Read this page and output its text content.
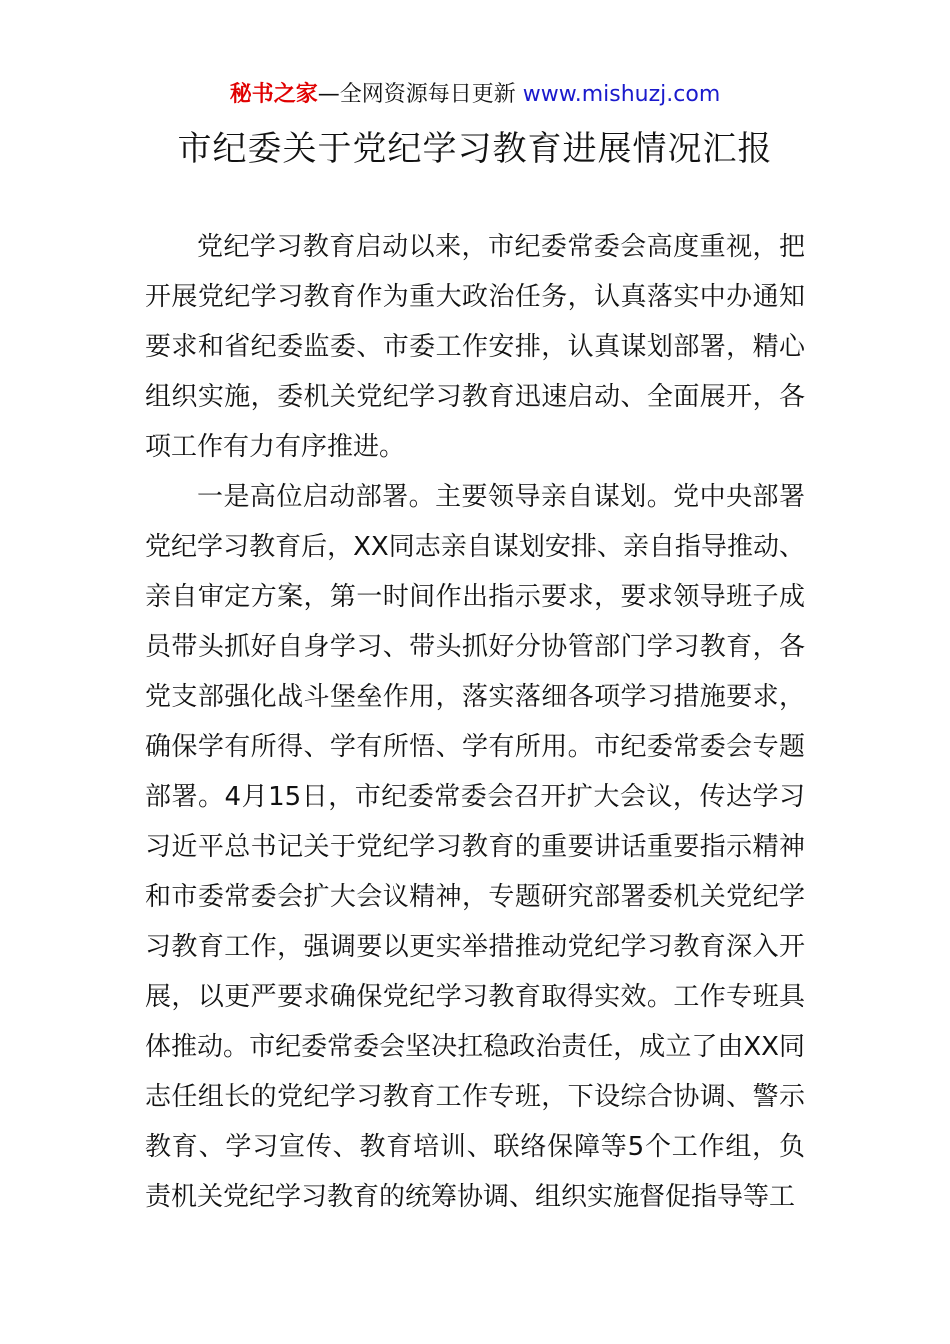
秘书之家—全网资源每日更新 www.mishuzj.com
市纪委关于党纪学习教育进展情况汇报

党纪学习教育启动以来，市纪委常委会高度重视，把开展党纪学习教育作为重大政治任务，认真落实中办通知要求和省纪委监委、市委工作安排，认真谋划部署，精心组织实施，委机关党纪学习教育迅速启动、全面展开，各项工作有力有序推进。

一是高位启动部署。主要领导亲自谋划。党中央部署党纪学习教育后，XX同志亲自谋划安排、亲自指导推动、亲自审定方案，第一时间作出指示要求，要求领导班子成员带头抓好自身学习、带头抓好分协管部门学习教育，各党支部强化战斗堡垒作用，落实落细各项学习措施要求，确保学有所得、学有所悟、学有所用。市纪委常委会专题部署。4月15日，市纪委常委会召开扩大会议，传达学习习近平总书记关于党纪学习教育的重要讲话重要指示精神和市委常委会扩大会议精神，专题研究部署委机关党纪学习教育工作，强调要以更实举措推动党纪学习教育深入开展，以更严要求确保党纪学习教育取得实效。工作专班具体推动。市纪委常委会坚决扛稳政治责任，成立了由XX同志任组长的党纪学习教育工作专班，下设综合协调、警示教育、学习宣传、教育培训、联络保障等5个工作组，负责机关党纪学习教育的统筹协调、组织实施督促指导等工
